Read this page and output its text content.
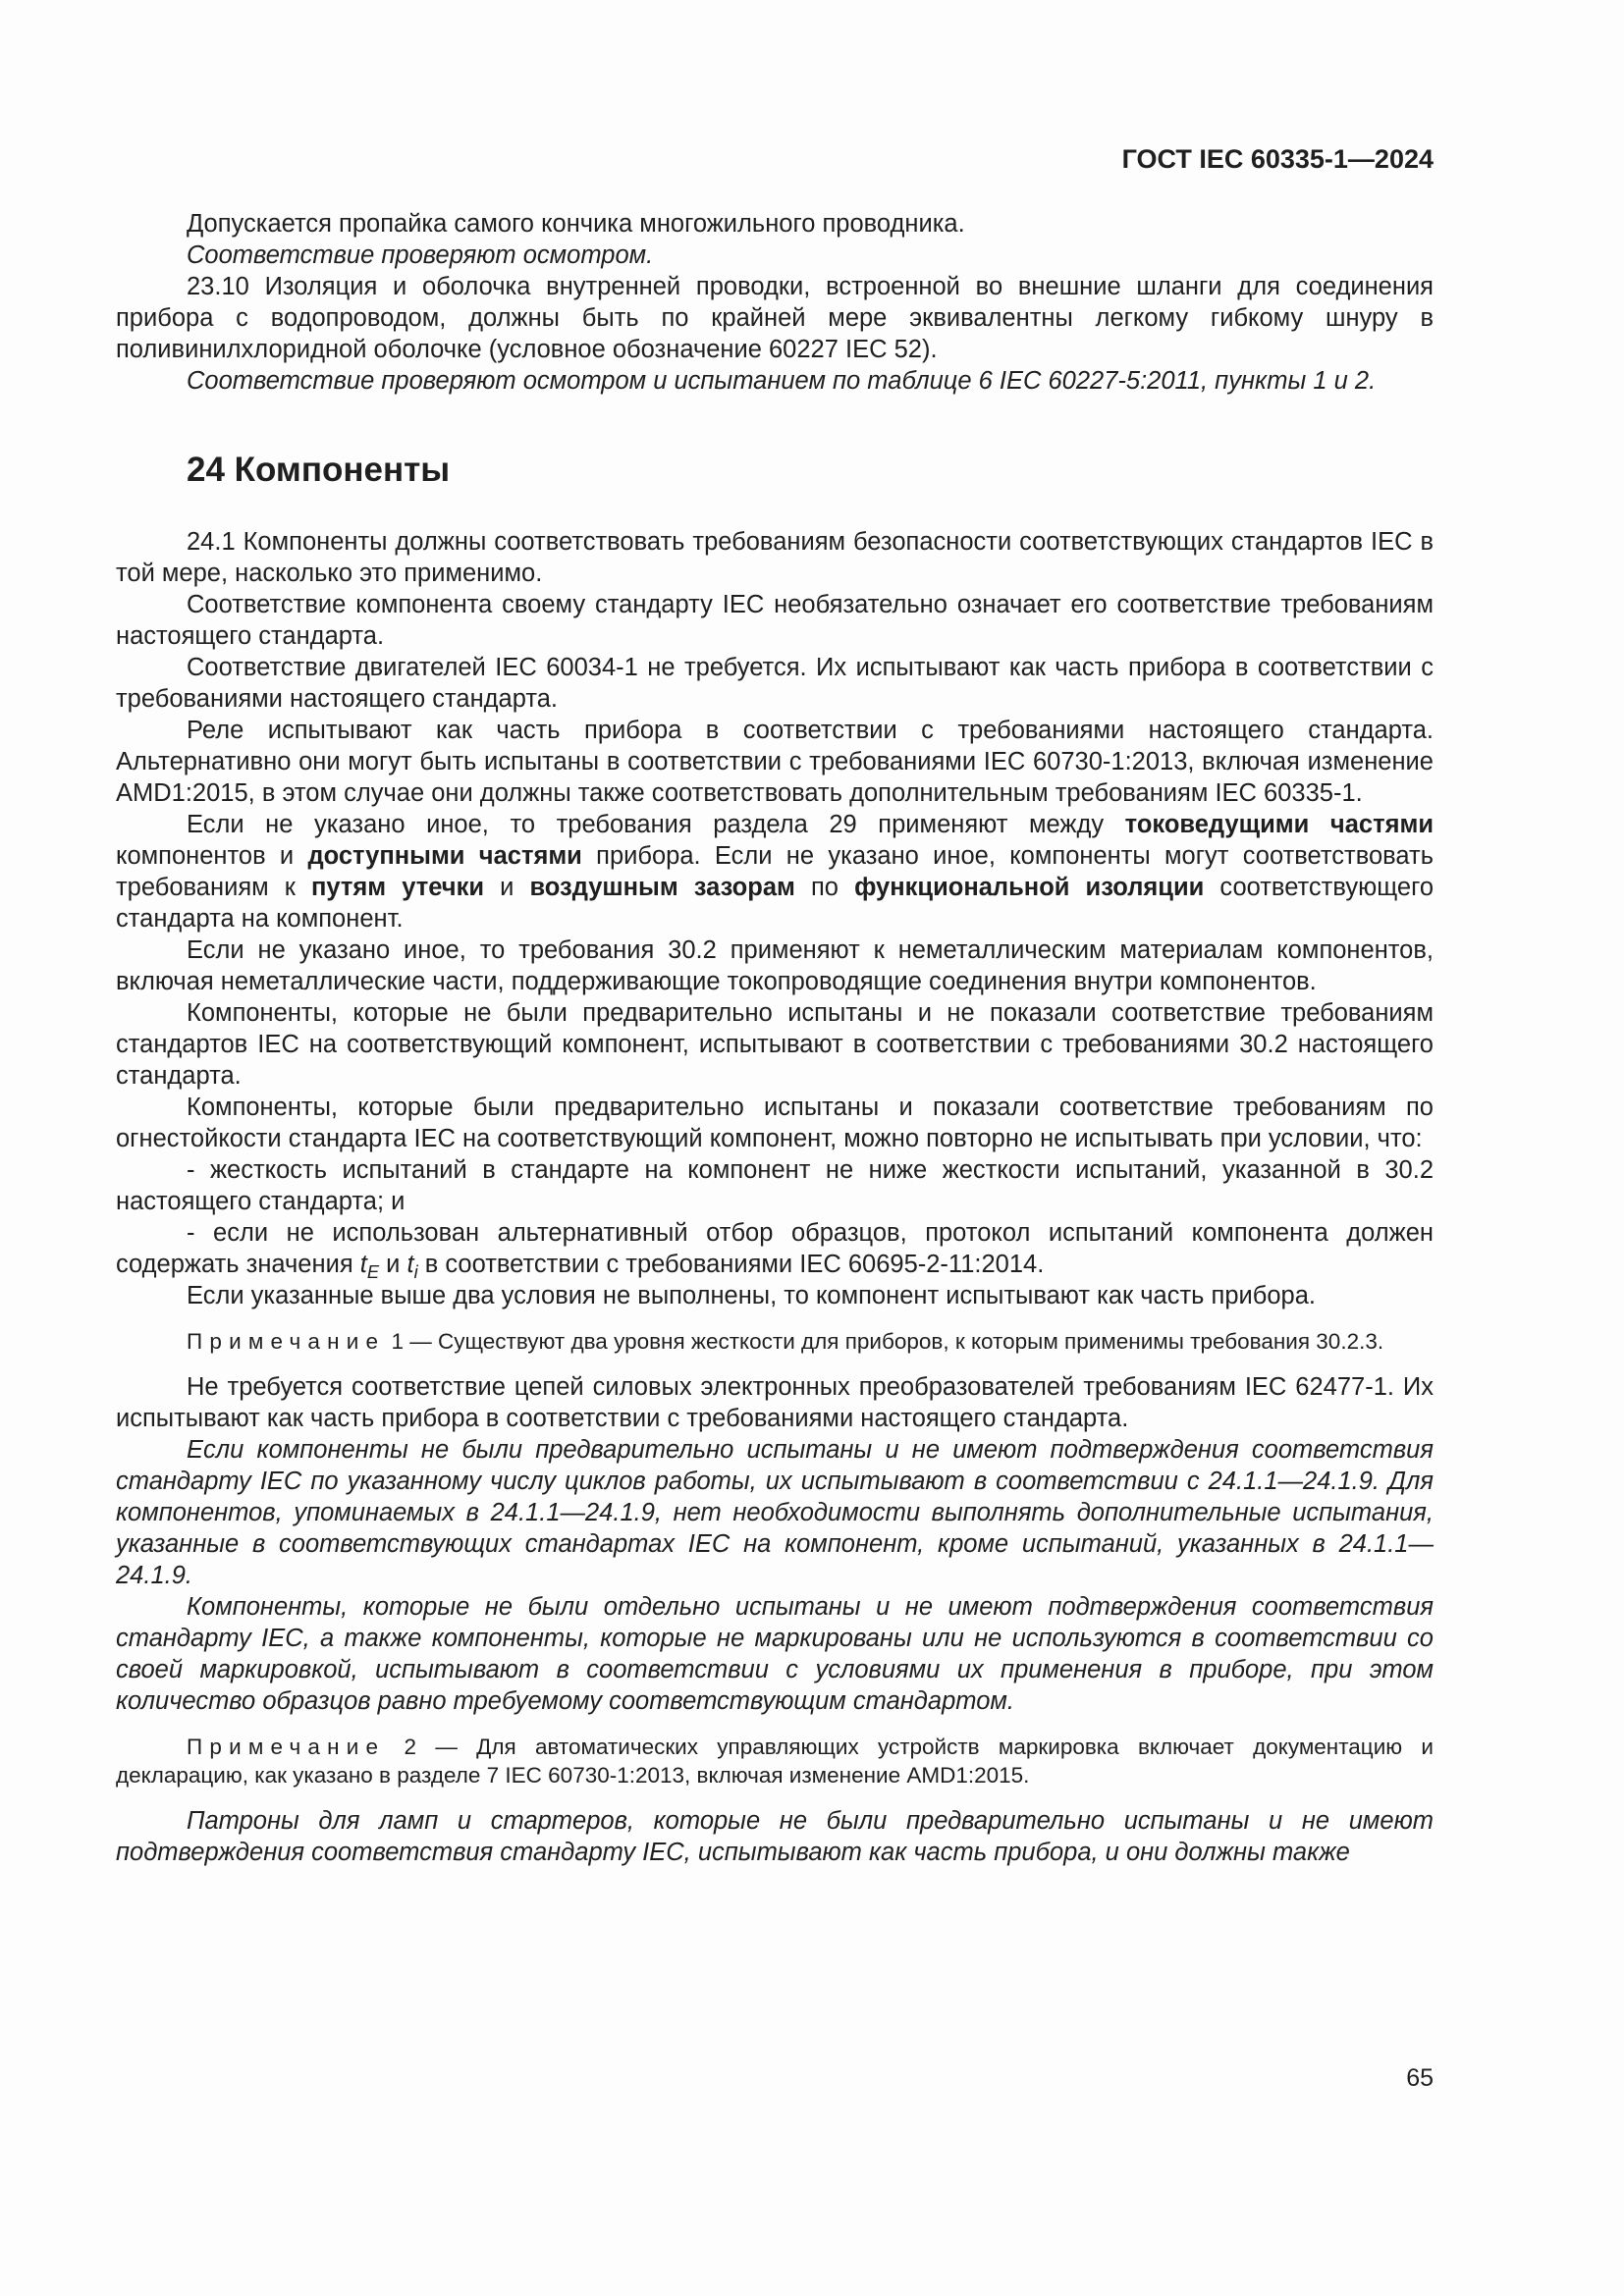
ГОСТ IEC 60335-1—2024

Допускается пропайка самого кончика многожильного проводника.

Соответствие проверяют осмотром.

23.10 Изоляция и оболочка внутренней проводки, встроенной во внешние шланги для соединения прибора с водопроводом, должны быть по крайней мере эквивалентны легкому гибкому шнуру в поливинилхлоридной оболочке (условное обозначение 60227 IEC 52).

Соответствие проверяют осмотром и испытанием по таблице 6 IEC 60227-5:2011, пункты 1 и 2.

24 Компоненты

24.1 Компоненты должны соответствовать требованиям безопасности соответствующих стандартов IEC в той мере, насколько это применимо.

Соответствие компонента своему стандарту IEC необязательно означает его соответствие требованиям настоящего стандарта.

Соответствие двигателей IEC 60034-1 не требуется. Их испытывают как часть прибора в соответствии с требованиями настоящего стандарта.

Реле испытывают как часть прибора в соответствии с требованиями настоящего стандарта. Альтернативно они могут быть испытаны в соответствии с требованиями IEC 60730-1:2013, включая изменение AMD1:2015, в этом случае они должны также соответствовать дополнительным требованиям IEC 60335-1.

Если не указано иное, то требования раздела 29 применяют между токоведущими частями компонентов и доступными частями прибора. Если не указано иное, компоненты могут соответствовать требованиям к путям утечки и воздушным зазорам по функциональной изоляции соответствующего стандарта на компонент.

Если не указано иное, то требования 30.2 применяют к неметаллическим материалам компонентов, включая неметаллические части, поддерживающие токопроводящие соединения внутри компонентов.

Компоненты, которые не были предварительно испытаны и не показали соответствие требованиям стандартов IEC на соответствующий компонент, испытывают в соответствии с требованиями 30.2 настоящего стандарта.

Компоненты, которые были предварительно испытаны и показали соответствие требованиям по огнестойкости стандарта IEC на соответствующий компонент, можно повторно не испытывать при условии, что:

- жесткость испытаний в стандарте на компонент не ниже жесткости испытаний, указанной в 30.2 настоящего стандарта; и

- если не использован альтернативный отбор образцов, протокол испытаний компонента должен содержать значения $t_E$ и $t_i$ в соответствии с требованиями IEC 60695-2-11:2014.

Если указанные выше два условия не выполнены, то компонент испытывают как часть прибора.

Примечание 1 — Существуют два уровня жесткости для приборов, к которым применимы требования 30.2.3.

Не требуется соответствие цепей силовых электронных преобразователей требованиям IEC 62477-1. Их испытывают как часть прибора в соответствии с требованиями настоящего стандарта.

Если компоненты не были предварительно испытаны и не имеют подтверждения соответствия стандарту IEC по указанному числу циклов работы, их испытывают в соответствии с 24.1.1—24.1.9. Для компонентов, упоминаемых в 24.1.1—24.1.9, нет необходимости выполнять дополнительные испытания, указанные в соответствующих стандартах IEC на компонент, кроме испытаний, указанных в 24.1.1—24.1.9.

Компоненты, которые не были отдельно испытаны и не имеют подтверждения соответствия стандарту IEC, а также компоненты, которые не маркированы или не используются в соответствии со своей маркировкой, испытывают в соответствии с условиями их применения в приборе, при этом количество образцов равно требуемому соответствующим стандартом.

Примечание 2 — Для автоматических управляющих устройств маркировка включает документацию и декларацию, как указано в разделе 7 IEC 60730-1:2013, включая изменение AMD1:2015.

Патроны для ламп и стартеров, которые не были предварительно испытаны и не имеют подтверждения соответствия стандарту IEC, испытывают как часть прибора, и они должны также

65
